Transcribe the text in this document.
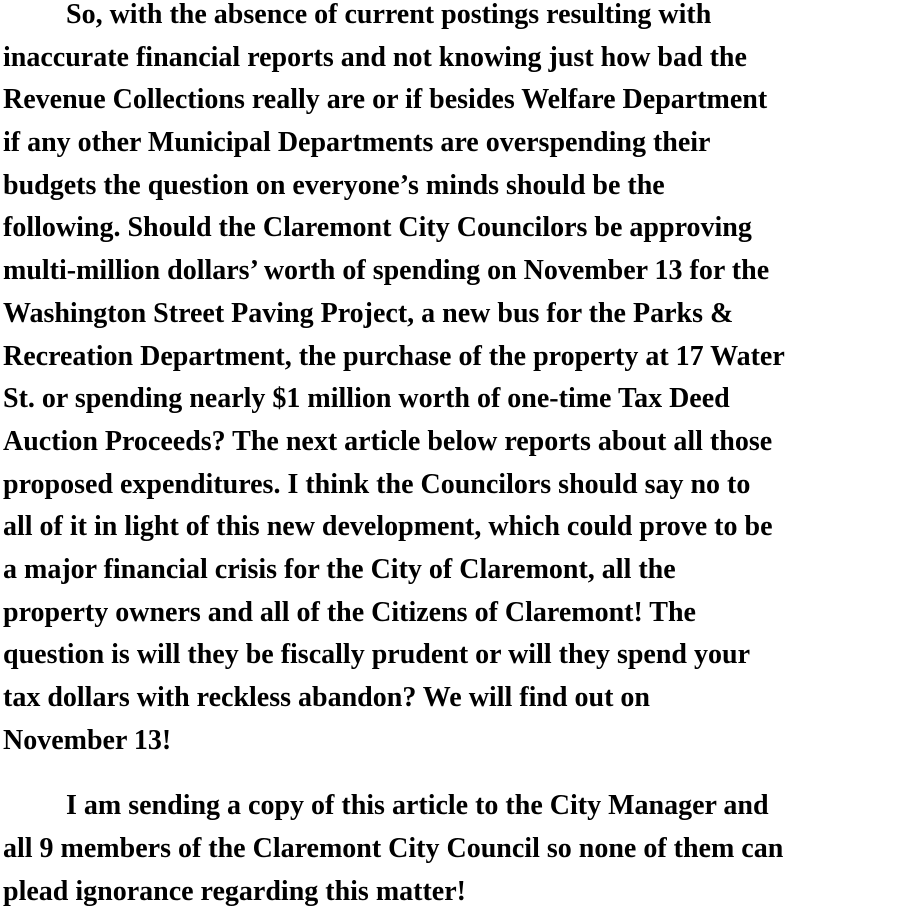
So, with the absence of current postings resulting with
inaccurate financial reports and not knowing just how bad the
Revenue Collections really are or if besides Welfare Department
if any other Municipal Departments are overspending their
budgets the question on everyone’s minds should be the
following. Should the Claremont City Councilors be approving
multi-million dollars’ worth of spending on November 13 for the
Washington Street Paving Project, a new bus for the Parks &
Recreation Department, the purchase of the property at 17 Water
St. or spending nearly $1 million worth of one-time Tax Deed
Auction Proceeds? The next article below reports about all those
proposed expenditures. I think the Councilors should say no to
all of it in light of this new development, which could prove to be
a major financial crisis for the City of Claremont, all the
property owners and all of the Citizens of Claremont! The
question is will they be fiscally prudent or will they spend your
tax dollars with reckless abandon? We will find out on
November 13!
I am sending a copy of this article to the City Manager and
all 9 members of the Claremont City Council so none of them can
plead ignorance regarding this matter!
